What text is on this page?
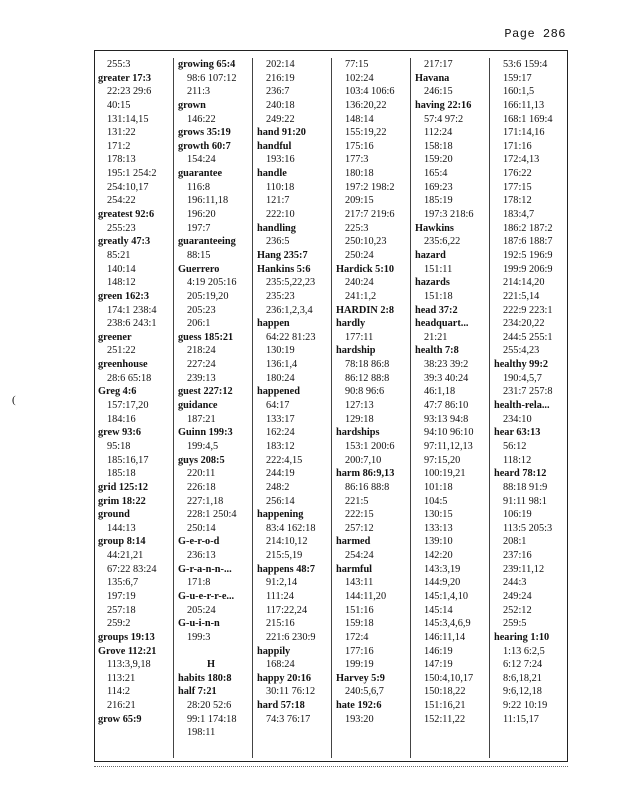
Page 286
(
255:3
greater 17:3
22:23 29:6
40:15
131:14,15
131:22
171:2
178:13
195:1 254:2
254:10,17
254:22
greatest 92:6
255:23
greatly 47:3
85:21
140:14
148:12
green 162:3
174:1 238:4
238:6 243:1
greener
251:22
greenhouse
28:6 65:18
Greg 4:6
157:17,20
184:16
grew 93:6
95:18
185:16,17
185:18
grid 125:12
grim 18:22
ground
144:13
group 8:14
44:21,21
67:22 83:24
135:6,7
197:19
257:18
259:2
groups 19:13
Grove 112:21
113:3,9,18
113:21
114:2
216:21
grow 65:9
growing 65:4
98:6 107:12
211:3
grown
146:22
grows 35:19
growth 60:7
154:24
guarantee
116:8
196:11,18
196:20
197:7
guaranteeing
88:15
Guerrero
4:19 205:16
205:19,20
205:23
206:1
guess 185:21
218:24
227:24
239:13
guest 227:12
guidance
187:21
Guinn 199:3
199:4,5
guys 208:5
220:11
226:18
227:1,18
228:1 250:4
250:14
G-e-r-o-d
236:13
G-r-a-n-n-...
171:8
G-u-e-r-r-e...
205:24
G-u-i-n-n
199:3
H
habits 180:8
half 7:21
28:20 52:6
99:1 174:18
198:11
202:14
216:19
236:7
240:18
249:22
hand 91:20
handful
193:16
handle
110:18
121:7
222:10
handling
236:5
Hang 235:7
Hankins 5:6
235:5,22,23
235:23
236:1,2,3,4
happen
64:22 81:23
130:19
136:1,4
180:24
happened
64:17
133:17
162:24
183:12
222:4,15
244:19
248:2
256:14
happening
83:4 162:18
214:10,12
215:5,19
happens 48:7
91:2,14
111:24
117:22,24
215:16
221:6 230:9
happily
168:24
happy 20:16
30:11 76:12
hard 57:18
74:3 76:17
77:15
102:24
103:4 106:6
136:20,22
148:14
155:19,22
175:16
177:3
180:18
197:2 198:2
209:15
217:7 219:6
225:3
250:10,23
250:24
Hardick 5:10
240:24
241:1,2
HARDIN 2:8
hardly
177:11
hardship
78:18 86:8
86:12 88:8
90:8 96:6
127:13
129:18
hardships
153:1 200:6
200:7,10
harm 86:9,13
86:16 88:8
221:5
222:15
257:12
harmed
254:24
harmful
143:11
144:11,20
151:16
159:18
172:4
177:16
199:19
Harvey 5:9
240:5,6,7
hate 192:6
193:20
217:17
Havana
246:15
having 22:16
57:4 97:2
112:24
158:18
159:20
165:4
169:23
185:19
197:3 218:6
Hawkins
235:6,22
hazard
151:11
hazards
151:18
head 37:2
headquart...
21:21
health 7:8
38:23 39:2
39:3 40:24
46:1,18
47:7 86:10
93:13 94:8
94:10 96:10
97:11,12,13
97:15,20
100:19,21
101:18
104:5
130:15
133:13
139:10
142:20
143:3,19
144:9,20
145:1,4,10
145:14
145:3,4,6,9
146:11,14
146:19
147:19
150:4,10,17
150:18,22
151:16,21
152:11,22
53:6 159:4
159:17
160:1,5
166:11,13
168:1 169:4
171:14,16
171:16
172:4,13
176:22
177:15
178:12
183:4,7
186:2 187:2
187:6 188:7
192:5 196:9
199:9 206:9
214:14,20
221:5,14
222:9 223:1
234:20,22
244:5 255:1
255:4,23
healthy 99:2
190:4,5,7
231:7 257:8
health-rela...
234:10
hear 63:13
56:12
118:12
heard 78:12
88:18 91:9
91:11 98:1
106:19
113:5 205:3
208:1
237:16
239:11,12
244:3
249:24
252:12
259:5
hearing 1:10
1:13 6:2,5
6:12 7:24
8:6,18,21
9:6,12,18
9:22 10:19
11:15,17
